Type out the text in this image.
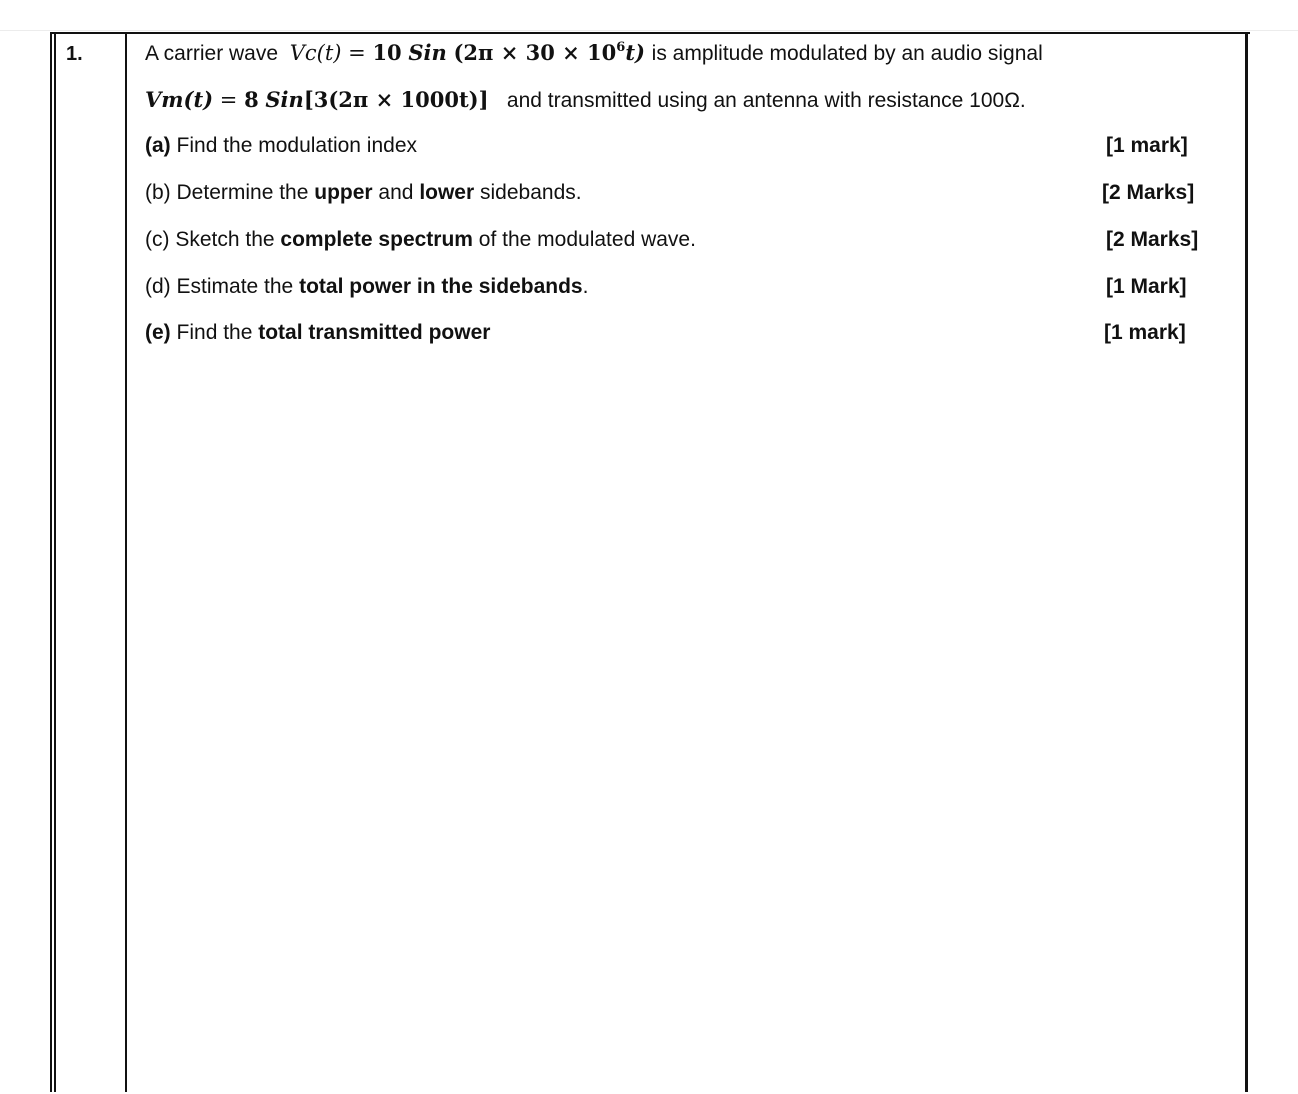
1.	A carrier wave Vc(t) = 10 Sin $(2\pi \times 30 \times 10^6t)$ is amplitude modulated by an audio signal
Vm(t) = 8 Sin[3(2π × 1000t)] and transmitted using an antenna with resistance 100Ω.
(a) Find the modulation index	[1 mark]
(b) Determine the upper and lower sidebands.	[2 Marks]
(c) Sketch the complete spectrum of the modulated wave.	[2 Marks]
(d) Estimate the total power in the sidebands.	[1 Mark]
(e) Find the total transmitted power	[1 mark]
